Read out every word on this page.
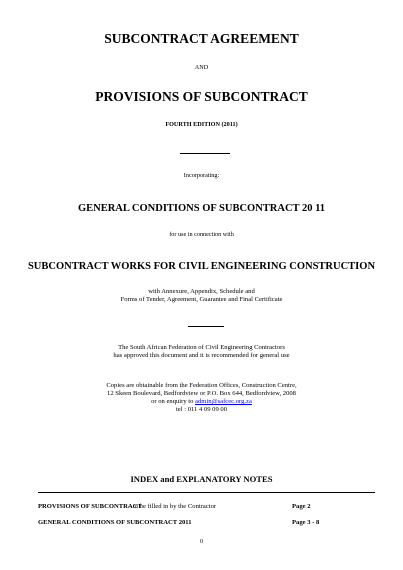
SUBCONTRACT AGREEMENT
AND
PROVISIONS OF SUBCONTRACT
FOURTH EDITION (2011)
Incorporating:
GENERAL CONDITIONS OF SUBCONTRACT 20 11
for use in connection with
SUBCONTRACT WORKS FOR CIVIL ENGINEERING CONSTRUCTION
with Annexure, Appendix, Schedule and
Forms of Tender, Agreement, Guarantee and Final Certificate
The South African Federation of Civil Engineering Contractors
has approved this document and it is recommended for general use
Copies are obtainable from the Federation Offices, Construction Centre,
12 Skeen Boulevard, Bedfordview or P.O. Box 644, Bedfordview, 2008
or on enquiry to admin@safcec.org.za
tel : 011 4 09 09 00
INDEX and EXPLANATORY NOTES
PROVISIONS OF SUBCONTRACT
– to be filled in by the Contractor	Page 2
GENERAL CONDITIONS OF SUBCONTRACT 2011	Page 3 - 8
0
